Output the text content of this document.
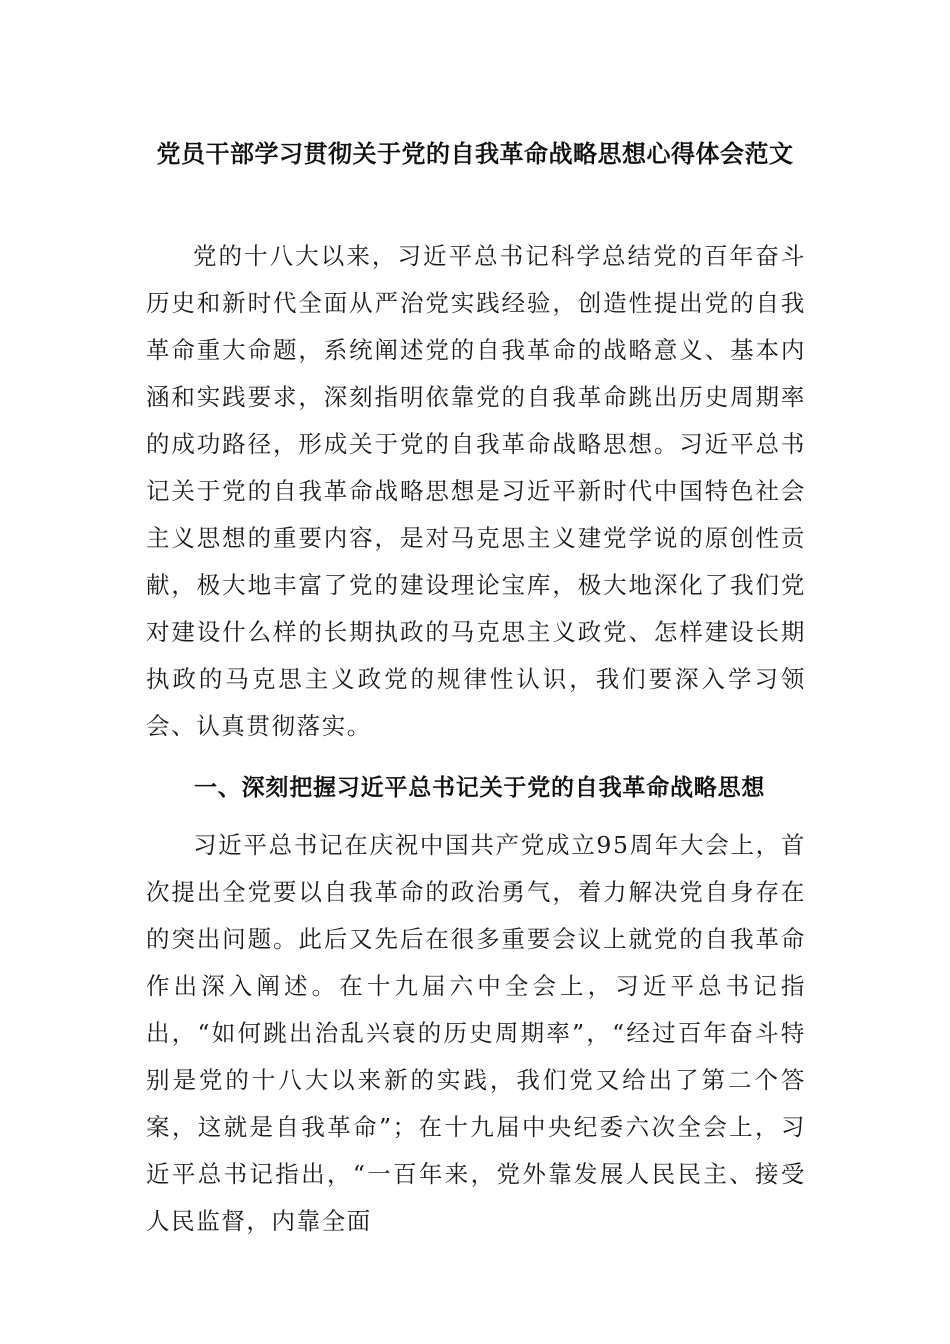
党员干部学习贯彻关于党的自我革命战略思想心得体会范文

党的十八大以来，习近平总书记科学总结党的百年奋斗历史和新时代全面从严治党实践经验，创造性提出党的自我革命重大命题，系统阐述党的自我革命的战略意义、基本内涵和实践要求，深刻指明依靠党的自我革命跳出历史周期率的成功路径，形成关于党的自我革命战略思想。习近平总书记关于党的自我革命战略思想是习近平新时代中国特色社会主义思想的重要内容，是对马克思主义建党学说的原创性贡献，极大地丰富了党的建设理论宝库，极大地深化了我们党对建设什么样的长期执政的马克思主义政党、怎样建设长期执政的马克思主义政党的规律性认识，我们要深入学习领会、认真贯彻落实。

一、深刻把握习近平总书记关于党的自我革命战略思想

习近平总书记在庆祝中国共产党成立95周年大会上，首次提出全党要以自我革命的政治勇气，着力解决党自身存在的突出问题。此后又先后在很多重要会议上就党的自我革命作出深入阐述。在十九届六中全会上，习近平总书记指出，“如何跳出治乱兴衰的历史周期率”，“经过百年奋斗特别是党的十八大以来新的实践，我们党又给出了第二个答案，这就是自我革命”；在十九届中央纪委六次全会上，习近平总书记指出，“一百年来，党外靠发展人民民主、接受人民监督，内靠全面
